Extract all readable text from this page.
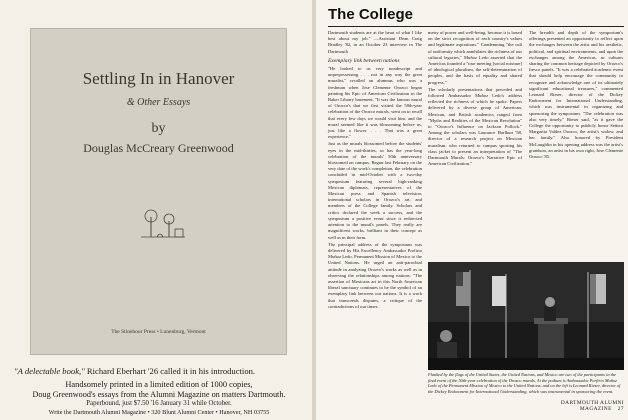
Settling In in Hanover
& Other Essays
by
Douglas McCreary Greenwood
The Stinehour Press • Lunenburg, Vermont
"A delectable book," Richard Eberhart '26 called it in his introduction.
Handsomely printed in a limited edition of 1000 copies,
Doug Greenwood's essays from the Alumni Magazine on matters Dartmouth.
Paperbound, just $7.50 '16 January 31 while October.
Write the Dartmouth Alumni Magazine • 320 Blunt Alumni Center • Hanover, NH 03755
The College

Dartmouth students are at the heart of what I like best about my job." —Assistant Dean Craig Bradley '82, in an October 23 interview in The Dartmouth

Exemplary link between nations

"He looked to us very nondescript and unprepossessing . . . not in any way the great muralist," recalled an alumnus who was a freshman when Jose Clemente Orozco began painting his Epic of American Civilization in the Baker Library basement. "It was the famous mural of Orozco's that we first visited the 50th-year celebration of the Orozco murals, went on to recall that every few days we would visit him, and the mural seemed like it was blossoming before us, just like a flower. . . . That was a great experience."

Just as the murals blossomed before the students' eyes in the mid-thirties, so has the year-long celebration of the murals' 50th anniversary blossomed on campus. Begun last February on the very date of the work's completion, the celebration concluded in mid-October with a two-day symposium featuring several high-ranking Mexican diplomats, representatives of the Mexican press and Spanish television, international scholars in Orozco's art, and members of the College family. Scholars and critics declared the week a success, and the symposium a positive event since it redirected attention to the mural's panels. They really are magnificent works, brilliant in their concept as well as in their form.

The principal address of the symposium was delivered by His Excellency Ambassador Porfirio Muñoz Ledo, Permanent Mission of Mexico to the United Nations. He urged an anti-parochial attitude in analyzing Orozco's works as well as in observing the relationships among nations: "The assertion of Mexicans art in this North American liberal sanctuary continues to be the symbol of an exemplary link between our nations. It is a work that transcends disputes, a critique of the contradictions of our times.

metry of power and well-being, because it is based on the strict recognition of each country's values and legitimate aspirations." Condemning "the cult of uniformity which annihilates the richness of our cultural legacies," Muñoz Ledo asserted that the Americas founded a "true meeting [social mixture] of ideological pluralism, the self-determination of peoples, and the basis of equality and shared progress."

The scholarly presentations that preceded and followed Ambassador Muñoz Ledo's address reflected the richness of which he spoke. Papers delivered by a diverse group of American, Mexican, and British academics ranged from "Myths and Realities of the Mexican Revolution" to "Orozco's Influence on Jackson Pollock." Among the scholars was Laurance Hurlburt '58, director of a research project on Mexican muralism, who returned to campus sporting his class jacket to present an interpretation of "The Dartmouth Murals: Orozco's Narrative Epic of American Civilization."

The breadth and depth of the symposium's offerings presented an opportunity to reflect upon the exchanges between the artist and his aesthetic, political, and spiritual environments, and upon the exchanges among the Americas, as cultures sharing the common heritage depicted by Orozco's fresco panels. "It was a celebrated academic event that should help encourage the community to recognize and acknowledge one of its ultimately significant educational treasures," commented Leonard Rieser, director of the Dickey Endowment for International Understanding, which was instrumental in organizing and sponsoring the symposium. "The celebration was also very timely," Rieser said, "as it gave the College the opportunity to publicly honor Señora Margarita Valdez Orozco, the artist's widow, and her family." Also honored by President McLaughlin in his opening address was the artist's grandson, an artist in his own right, Jose Clemente Orozco '85.

Flanked by the flags of the United States, the United Nations, and Mexico are two of the participants in the final event of the 50th-year celebration of the Orozco murals. At the podium is Ambassador Porfirio Muñoz Ledo of the Permanent Mission of Mexico to the United Nations, and on the left is Leonard Rieser, director of the Dickey Endowment for International Understanding, which was instrumental in sponsoring the event.
DARTMOUTH ALUMNI MAGAZINE 27
